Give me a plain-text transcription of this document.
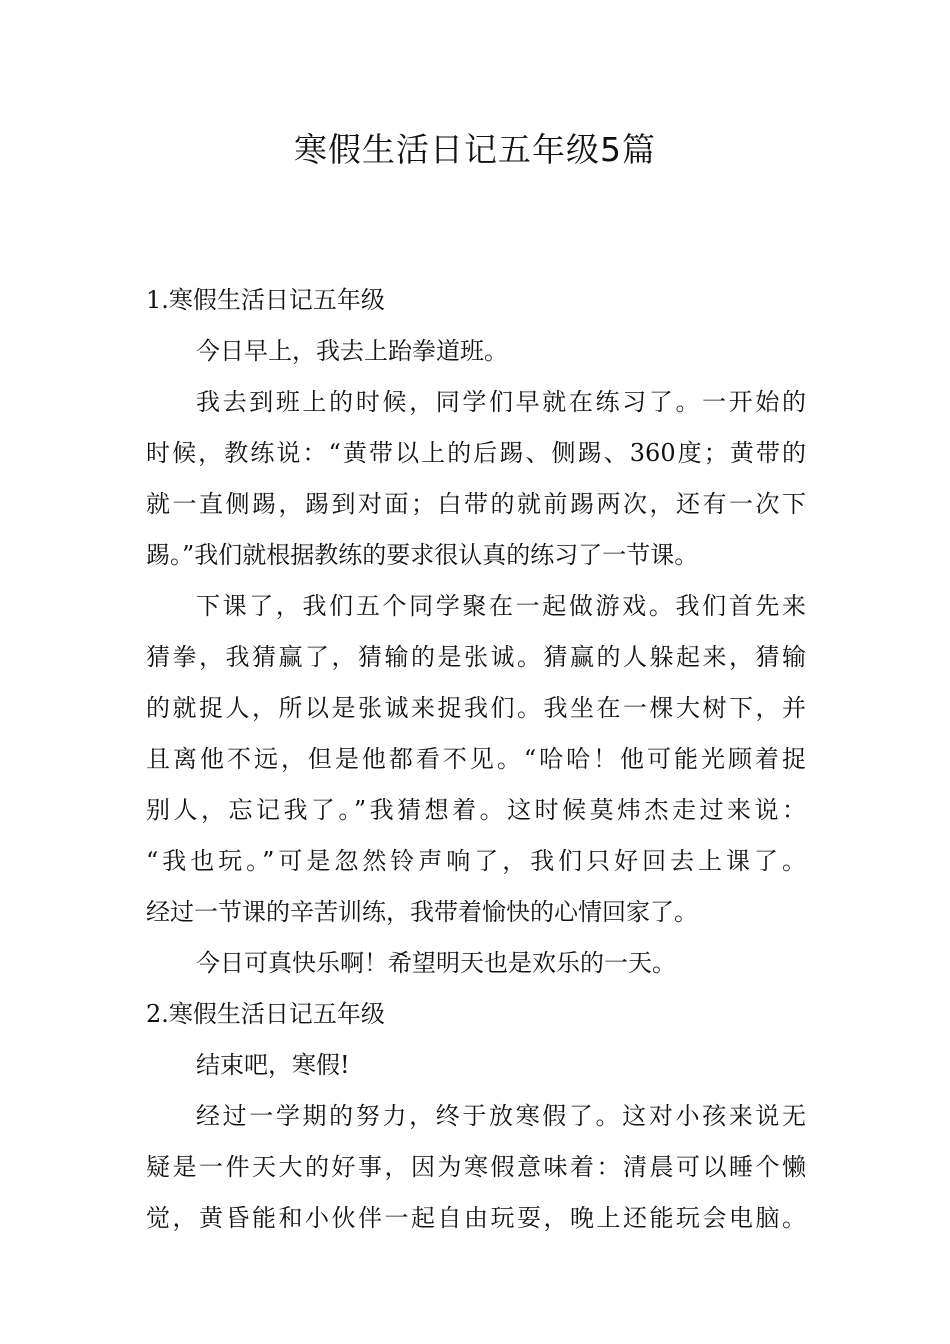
寒假生活日记五年级5篇
1.寒假生活日记五年级
今日早上，我去上跆拳道班。
我去到班上的时候，同学们早就在练习了。一开始的
时候，教练说：“黄带以上的后踢、侧踢、360度；黄带的
就一直侧踢，踢到对面；白带的就前踢两次，还有一次下
踢。”我们就根据教练的要求很认真的练习了一节课。
下课了，我们五个同学聚在一起做游戏。我们首先来
猜拳，我猜赢了，猜输的是张诚。猜赢的人躲起来，猜输
的就捉人，所以是张诚来捉我们。我坐在一棵大树下，并
且离他不远，但是他都看不见。“哈哈！他可能光顾着捉
别人，忘记我了。”我猜想着。这时候莫炜杰走过来说：
“我也玩。”可是忽然铃声响了，我们只好回去上课了。
经过一节课的辛苦训练，我带着愉快的心情回家了。
今日可真快乐啊！希望明天也是欢乐的一天。
2.寒假生活日记五年级
结束吧，寒假!
经过一学期的努力，终于放寒假了。这对小孩来说无
疑是一件天大的好事，因为寒假意味着：清晨可以睡个懒
觉，黄昏能和小伙伴一起自由玩耍，晚上还能玩会电脑。
